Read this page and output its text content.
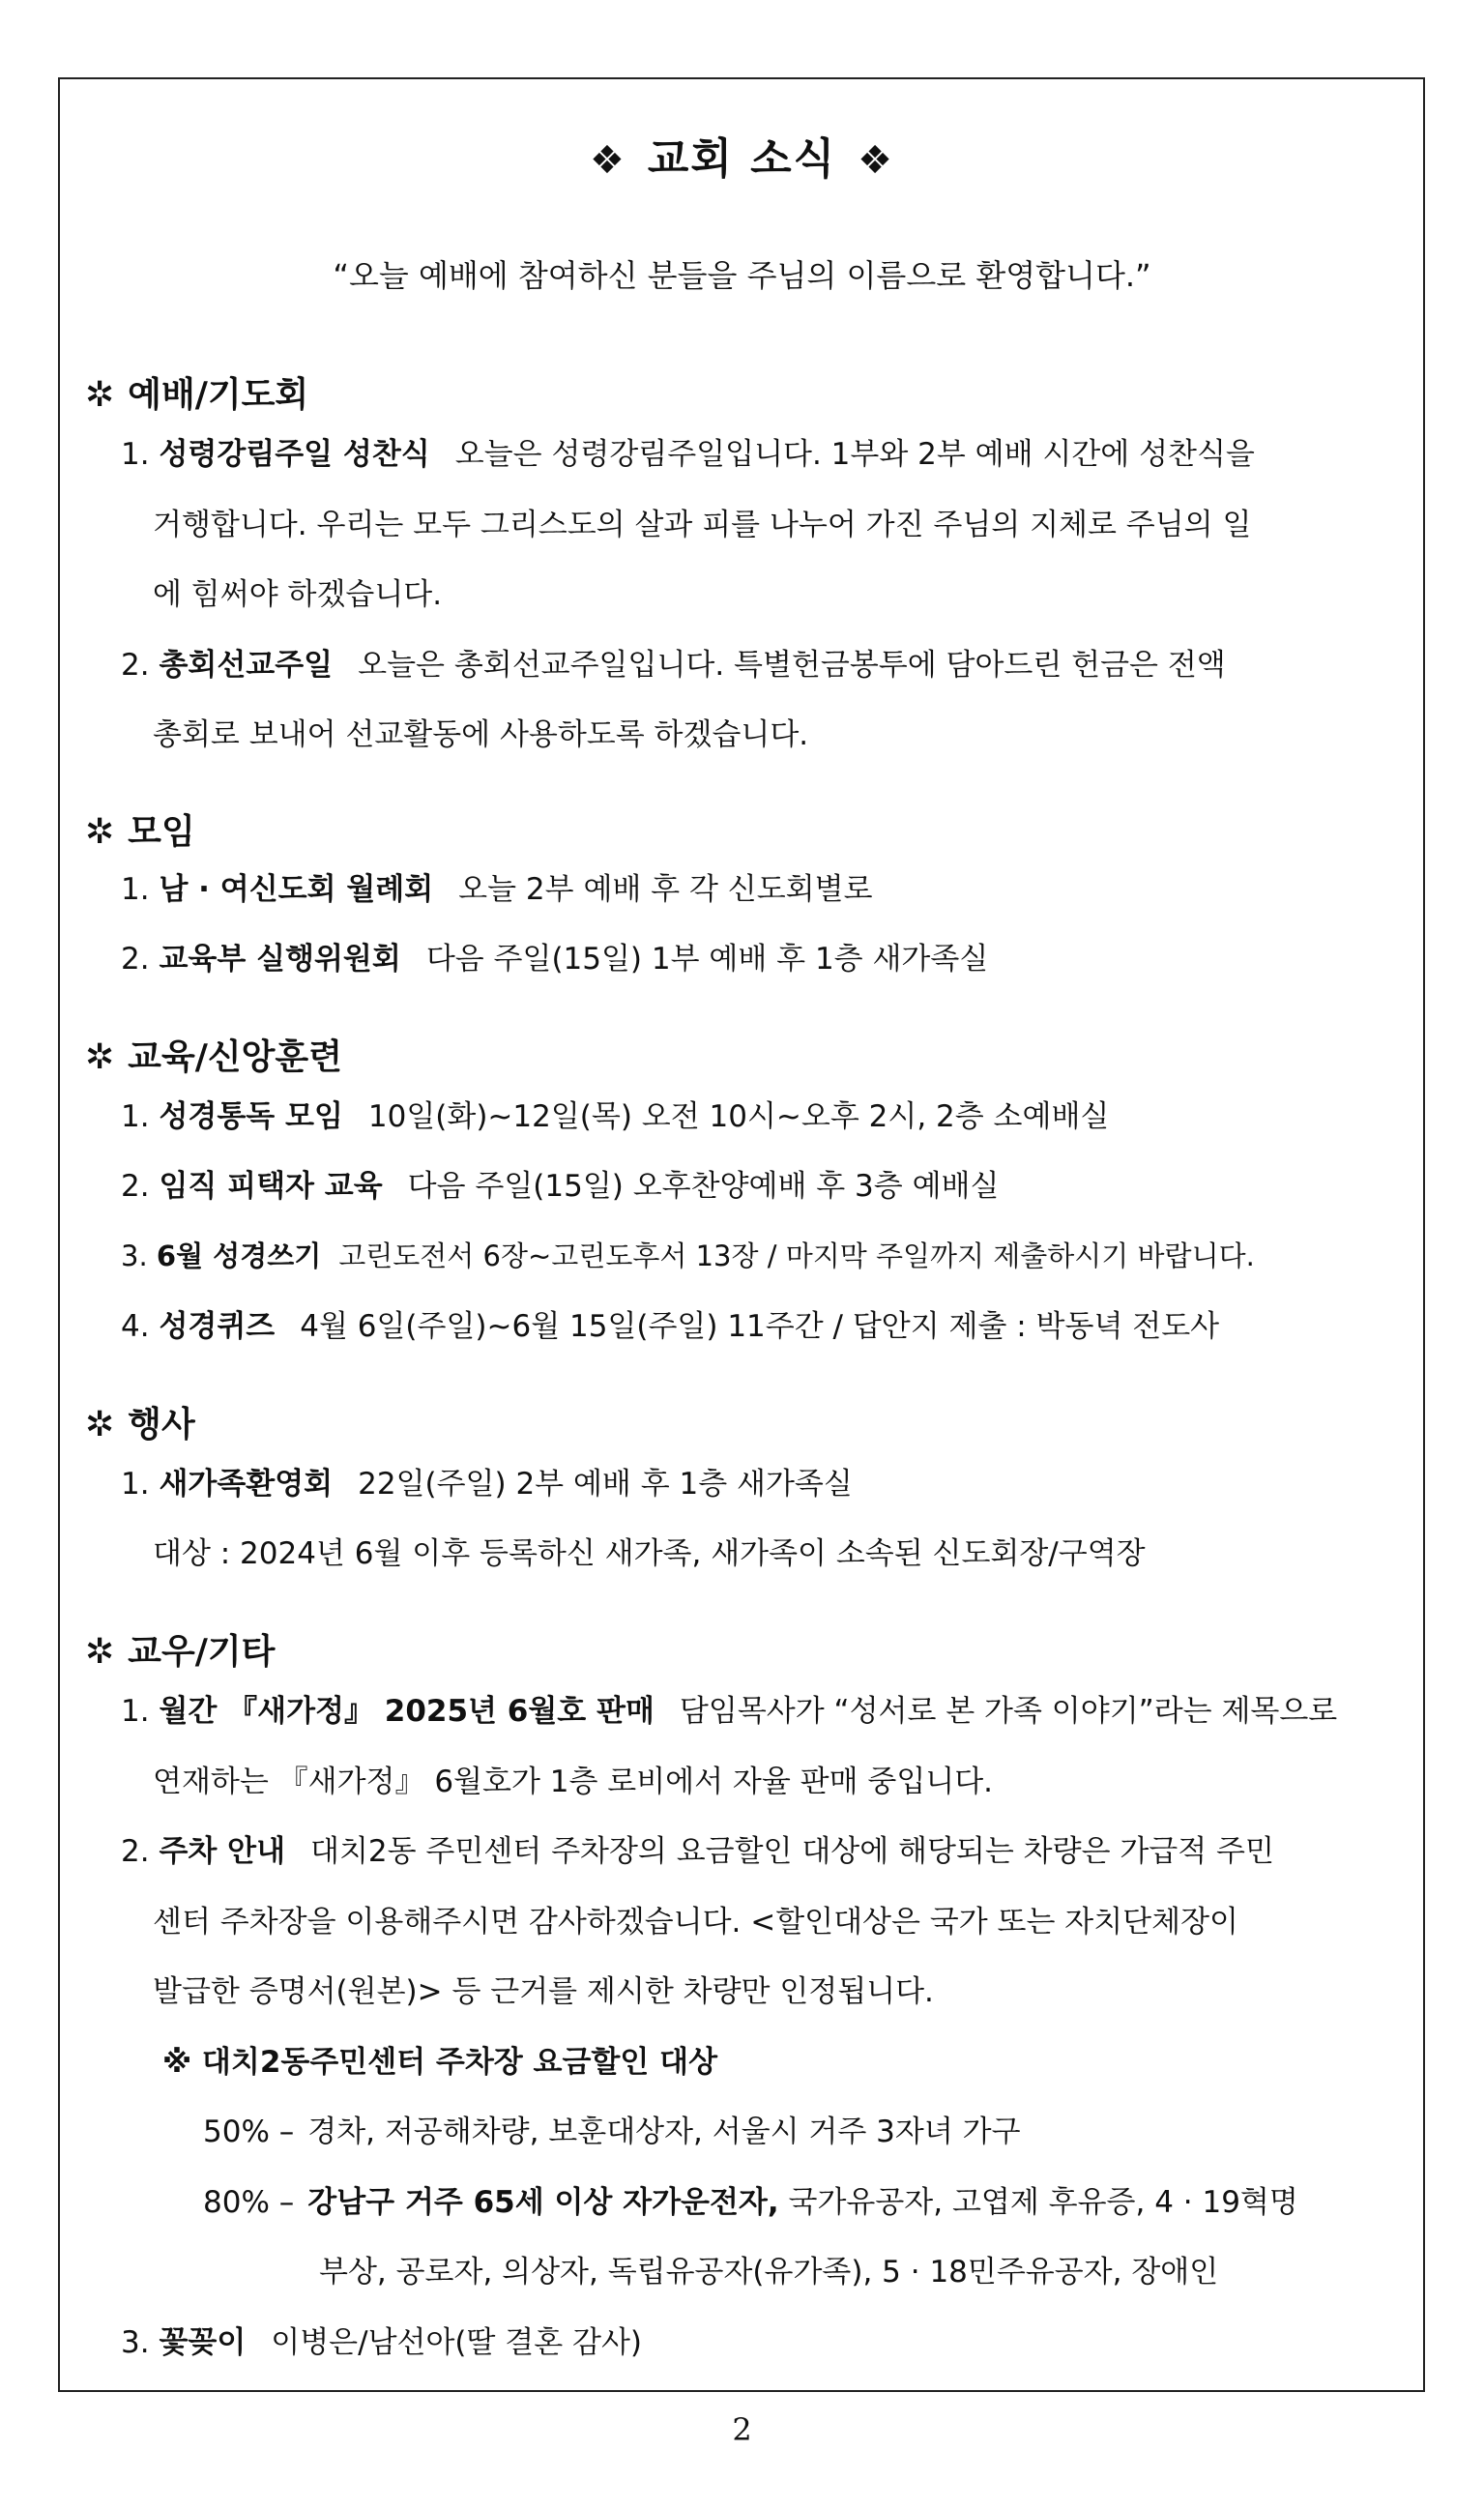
❖ 교회 소식 ❖
“오늘 예배에 참여하신 분들을 주님의 이름으로 환영합니다.”
✲ 예배/기도회
1. 성령강림주일 성찬식 오늘은 성령강림주일입니다. 1부와 2부 예배 시간에 성찬식을
거행합니다. 우리는 모두 그리스도의 살과 피를 나누어 가진 주님의 지체로 주님의 일
에 힘써야 하겠습니다.
2. 총회선교주일 오늘은 총회선교주일입니다. 특별헌금봉투에 담아드린 헌금은 전액
총회로 보내어 선교활동에 사용하도록 하겠습니다.
✲ 모임
1. 남 · 여신도회 월례회 오늘 2부 예배 후 각 신도회별로
2. 교육부 실행위원회 다음 주일(15일) 1부 예배 후 1층 새가족실
✲ 교육/신앙훈련
1. 성경통독 모임 10일(화)~12일(목) 오전 10시~오후 2시, 2층 소예배실
2. 임직 피택자 교육 다음 주일(15일) 오후찬양예배 후 3층 예배실
3. 6월 성경쓰기 고린도전서 6장~고린도후서 13장 / 마지막 주일까지 제출하시기 바랍니다.
4. 성경퀴즈 4월 6일(주일)~6월 15일(주일) 11주간 / 답안지 제출 : 박동녁 전도사
✲ 행사
1. 새가족환영회 22일(주일) 2부 예배 후 1층 새가족실
대상 : 2024년 6월 이후 등록하신 새가족, 새가족이 소속된 신도회장/구역장
✲ 교우/기타
1. 월간 『새가정』 2025년 6월호 판매 담임목사가 “성서로 본 가족 이야기”라는 제목으로
연재하는 『새가정』 6월호가 1층 로비에서 자율 판매 중입니다.
2. 주차 안내 대치2동 주민센터 주차장의 요금할인 대상에 해당되는 차량은 가급적 주민
센터 주차장을 이용해주시면 감사하겠습니다. <할인대상은 국가 또는 자치단체장이
발급한 증명서(원본)> 등 근거를 제시한 차량만 인정됩니다.
※ 대치2동주민센터 주차장 요금할인 대상
50% – 경차, 저공해차량, 보훈대상자, 서울시 거주 3자녀 가구
80% – 강남구 거주 65세 이상 자가운전자, 국가유공자, 고엽제 후유증, 4 · 19혁명
부상, 공로자, 의상자, 독립유공자(유가족), 5 · 18민주유공자, 장애인
3. 꽃꽂이 이병은/남선아(딸 결혼 감사)
2
